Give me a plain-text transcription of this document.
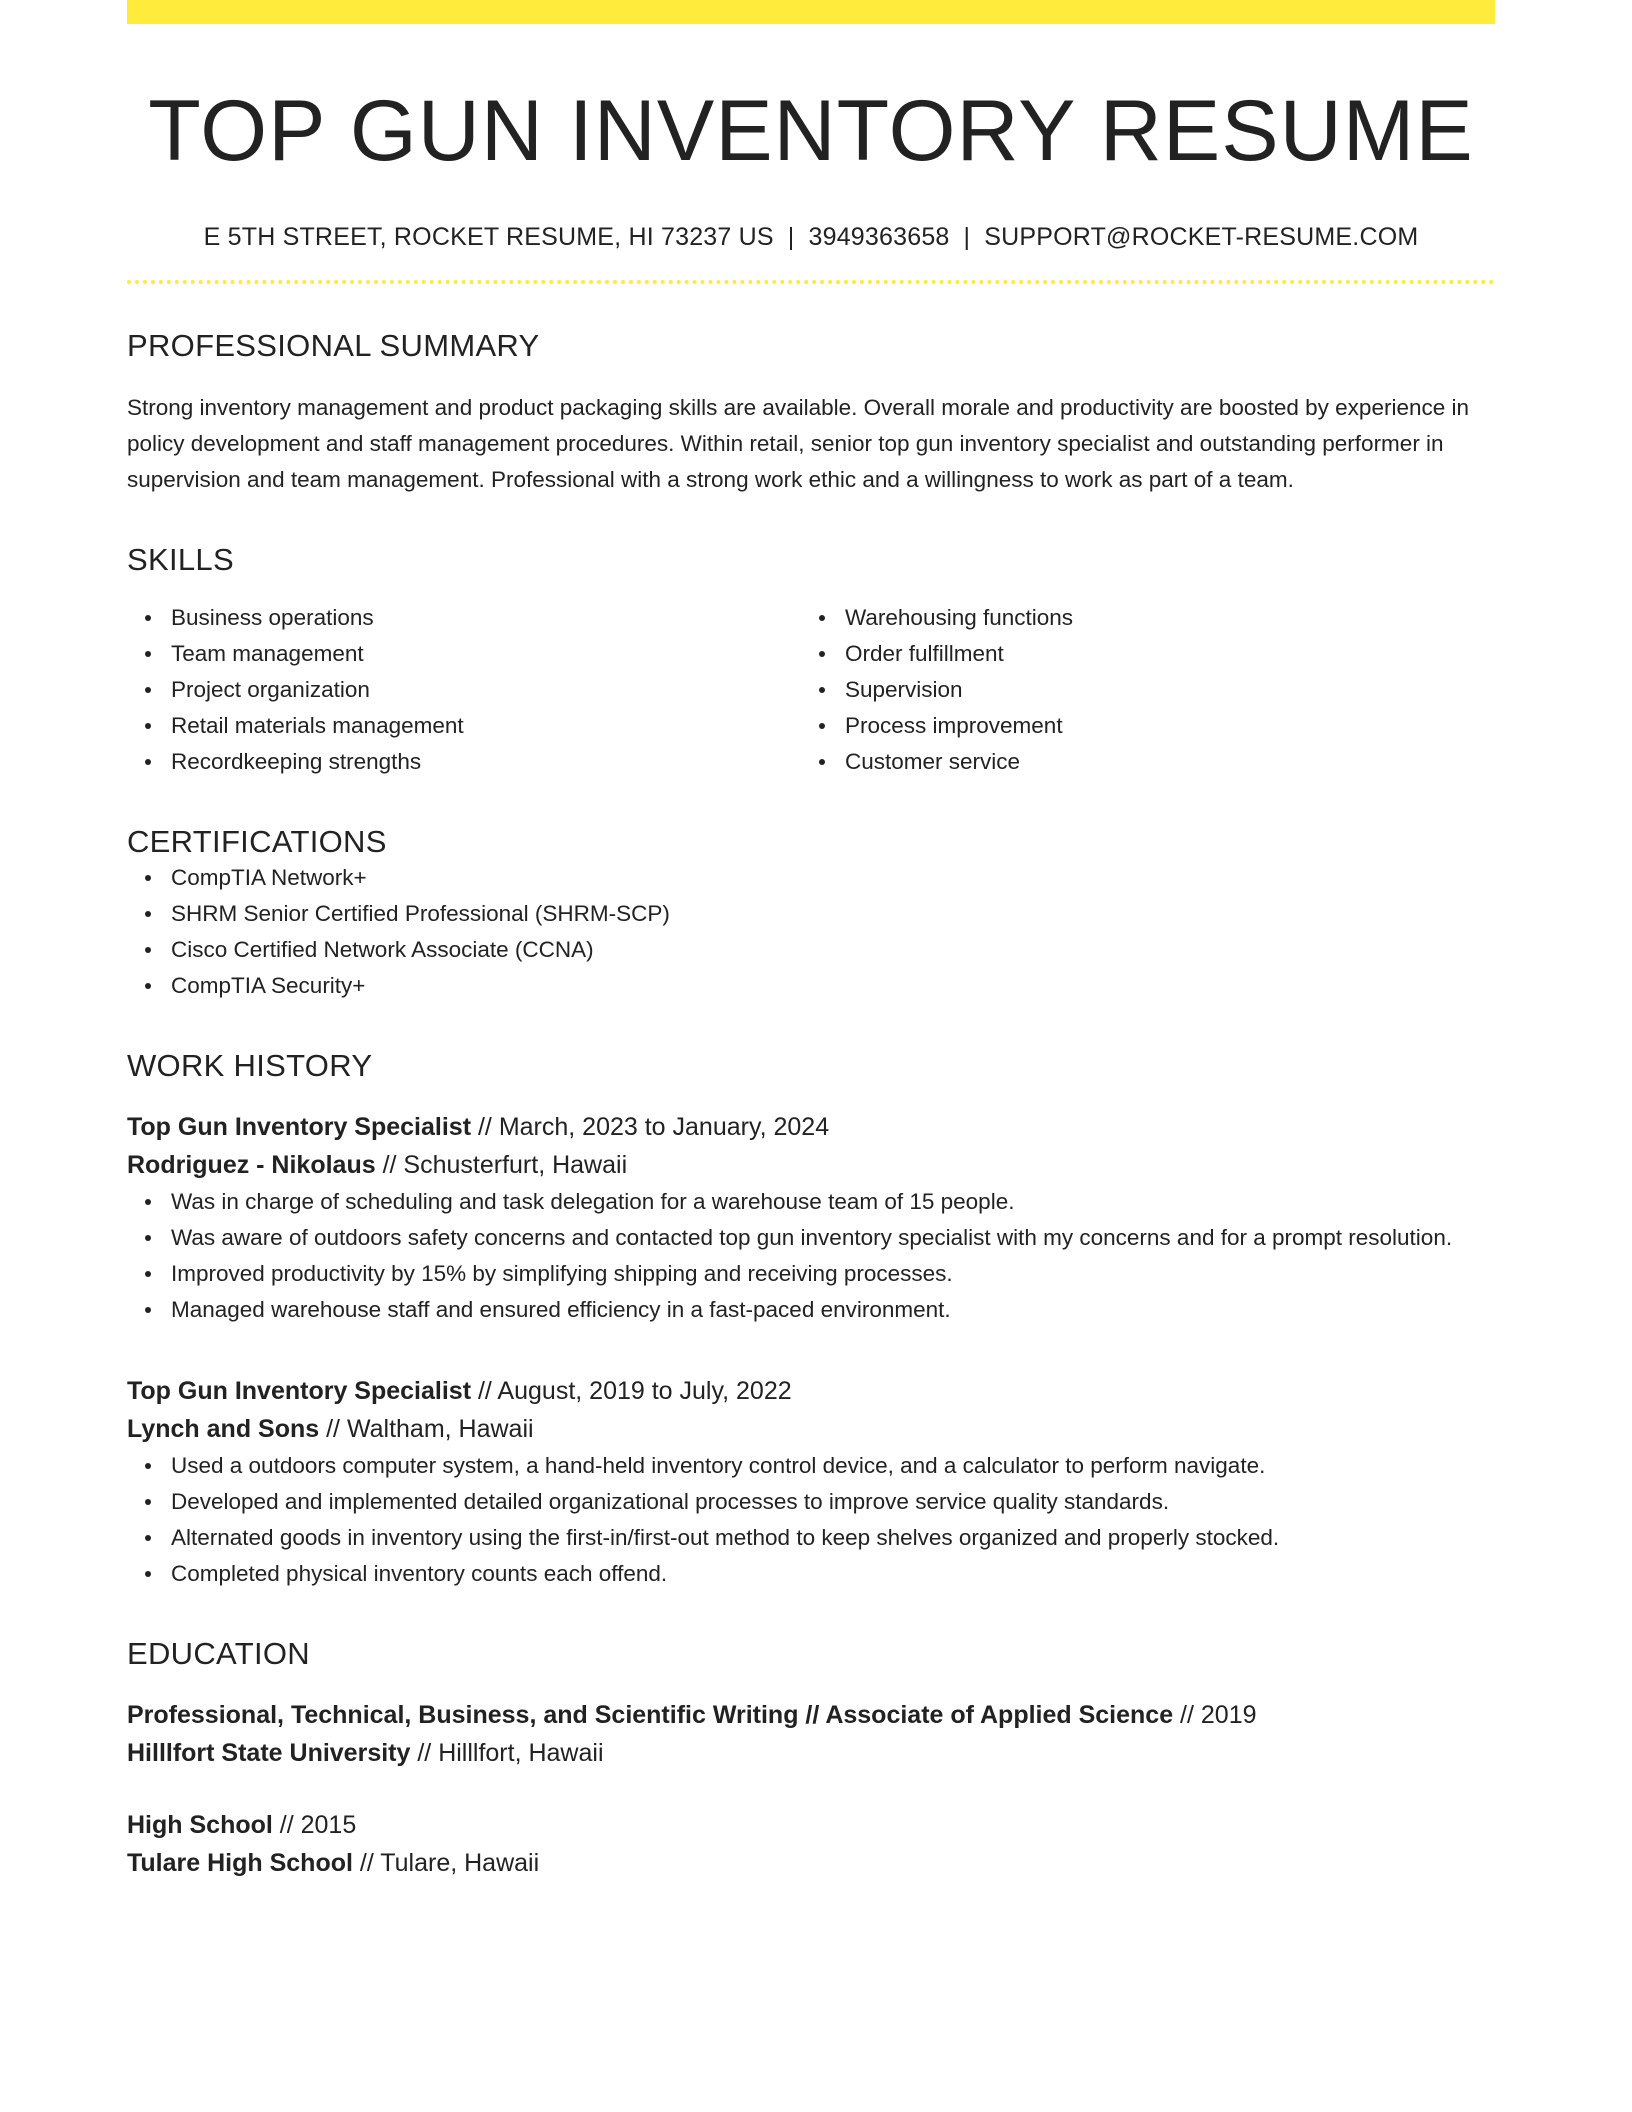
TOP GUN INVENTORY RESUME
E 5TH STREET, ROCKET RESUME, HI 73237 US | 3949363658 | SUPPORT@ROCKET-RESUME.COM
PROFESSIONAL SUMMARY

Strong inventory management and product packaging skills are available. Overall morale and productivity are boosted by experience in policy development and staff management procedures. Within retail, senior top gun inventory specialist and outstanding performer in supervision and team management. Professional with a strong work ethic and a willingness to work as part of a team.

SKILLS
Business operations
Team management
Project organization
Retail materials management
Recordkeeping strengths
Warehousing functions
Order fulfillment
Supervision
Process improvement
Customer service
CERTIFICATIONS
CompTIA Network+
SHRM Senior Certified Professional (SHRM-SCP)
Cisco Certified Network Associate (CCNA)
CompTIA Security+
WORK HISTORY
Top Gun Inventory Specialist // March, 2023 to January, 2024
Rodriguez - Nikolaus // Schusterfurt, Hawaii
Was in charge of scheduling and task delegation for a warehouse team of 15 people.
Was aware of outdoors safety concerns and contacted top gun inventory specialist with my concerns and for a prompt resolution.
Improved productivity by 15% by simplifying shipping and receiving processes.
Managed warehouse staff and ensured efficiency in a fast-paced environment.
Top Gun Inventory Specialist // August, 2019 to July, 2022
Lynch and Sons // Waltham, Hawaii
Used a outdoors computer system, a hand-held inventory control device, and a calculator to perform navigate.
Developed and implemented detailed organizational processes to improve service quality standards.
Alternated goods in inventory using the first-in/first-out method to keep shelves organized and properly stocked.
Completed physical inventory counts each offend.
EDUCATION
Professional, Technical, Business, and Scientific Writing // Associate of Applied Science // 2019
Hilllfort State University // Hilllfort, Hawaii
High School // 2015
Tulare High School // Tulare, Hawaii
